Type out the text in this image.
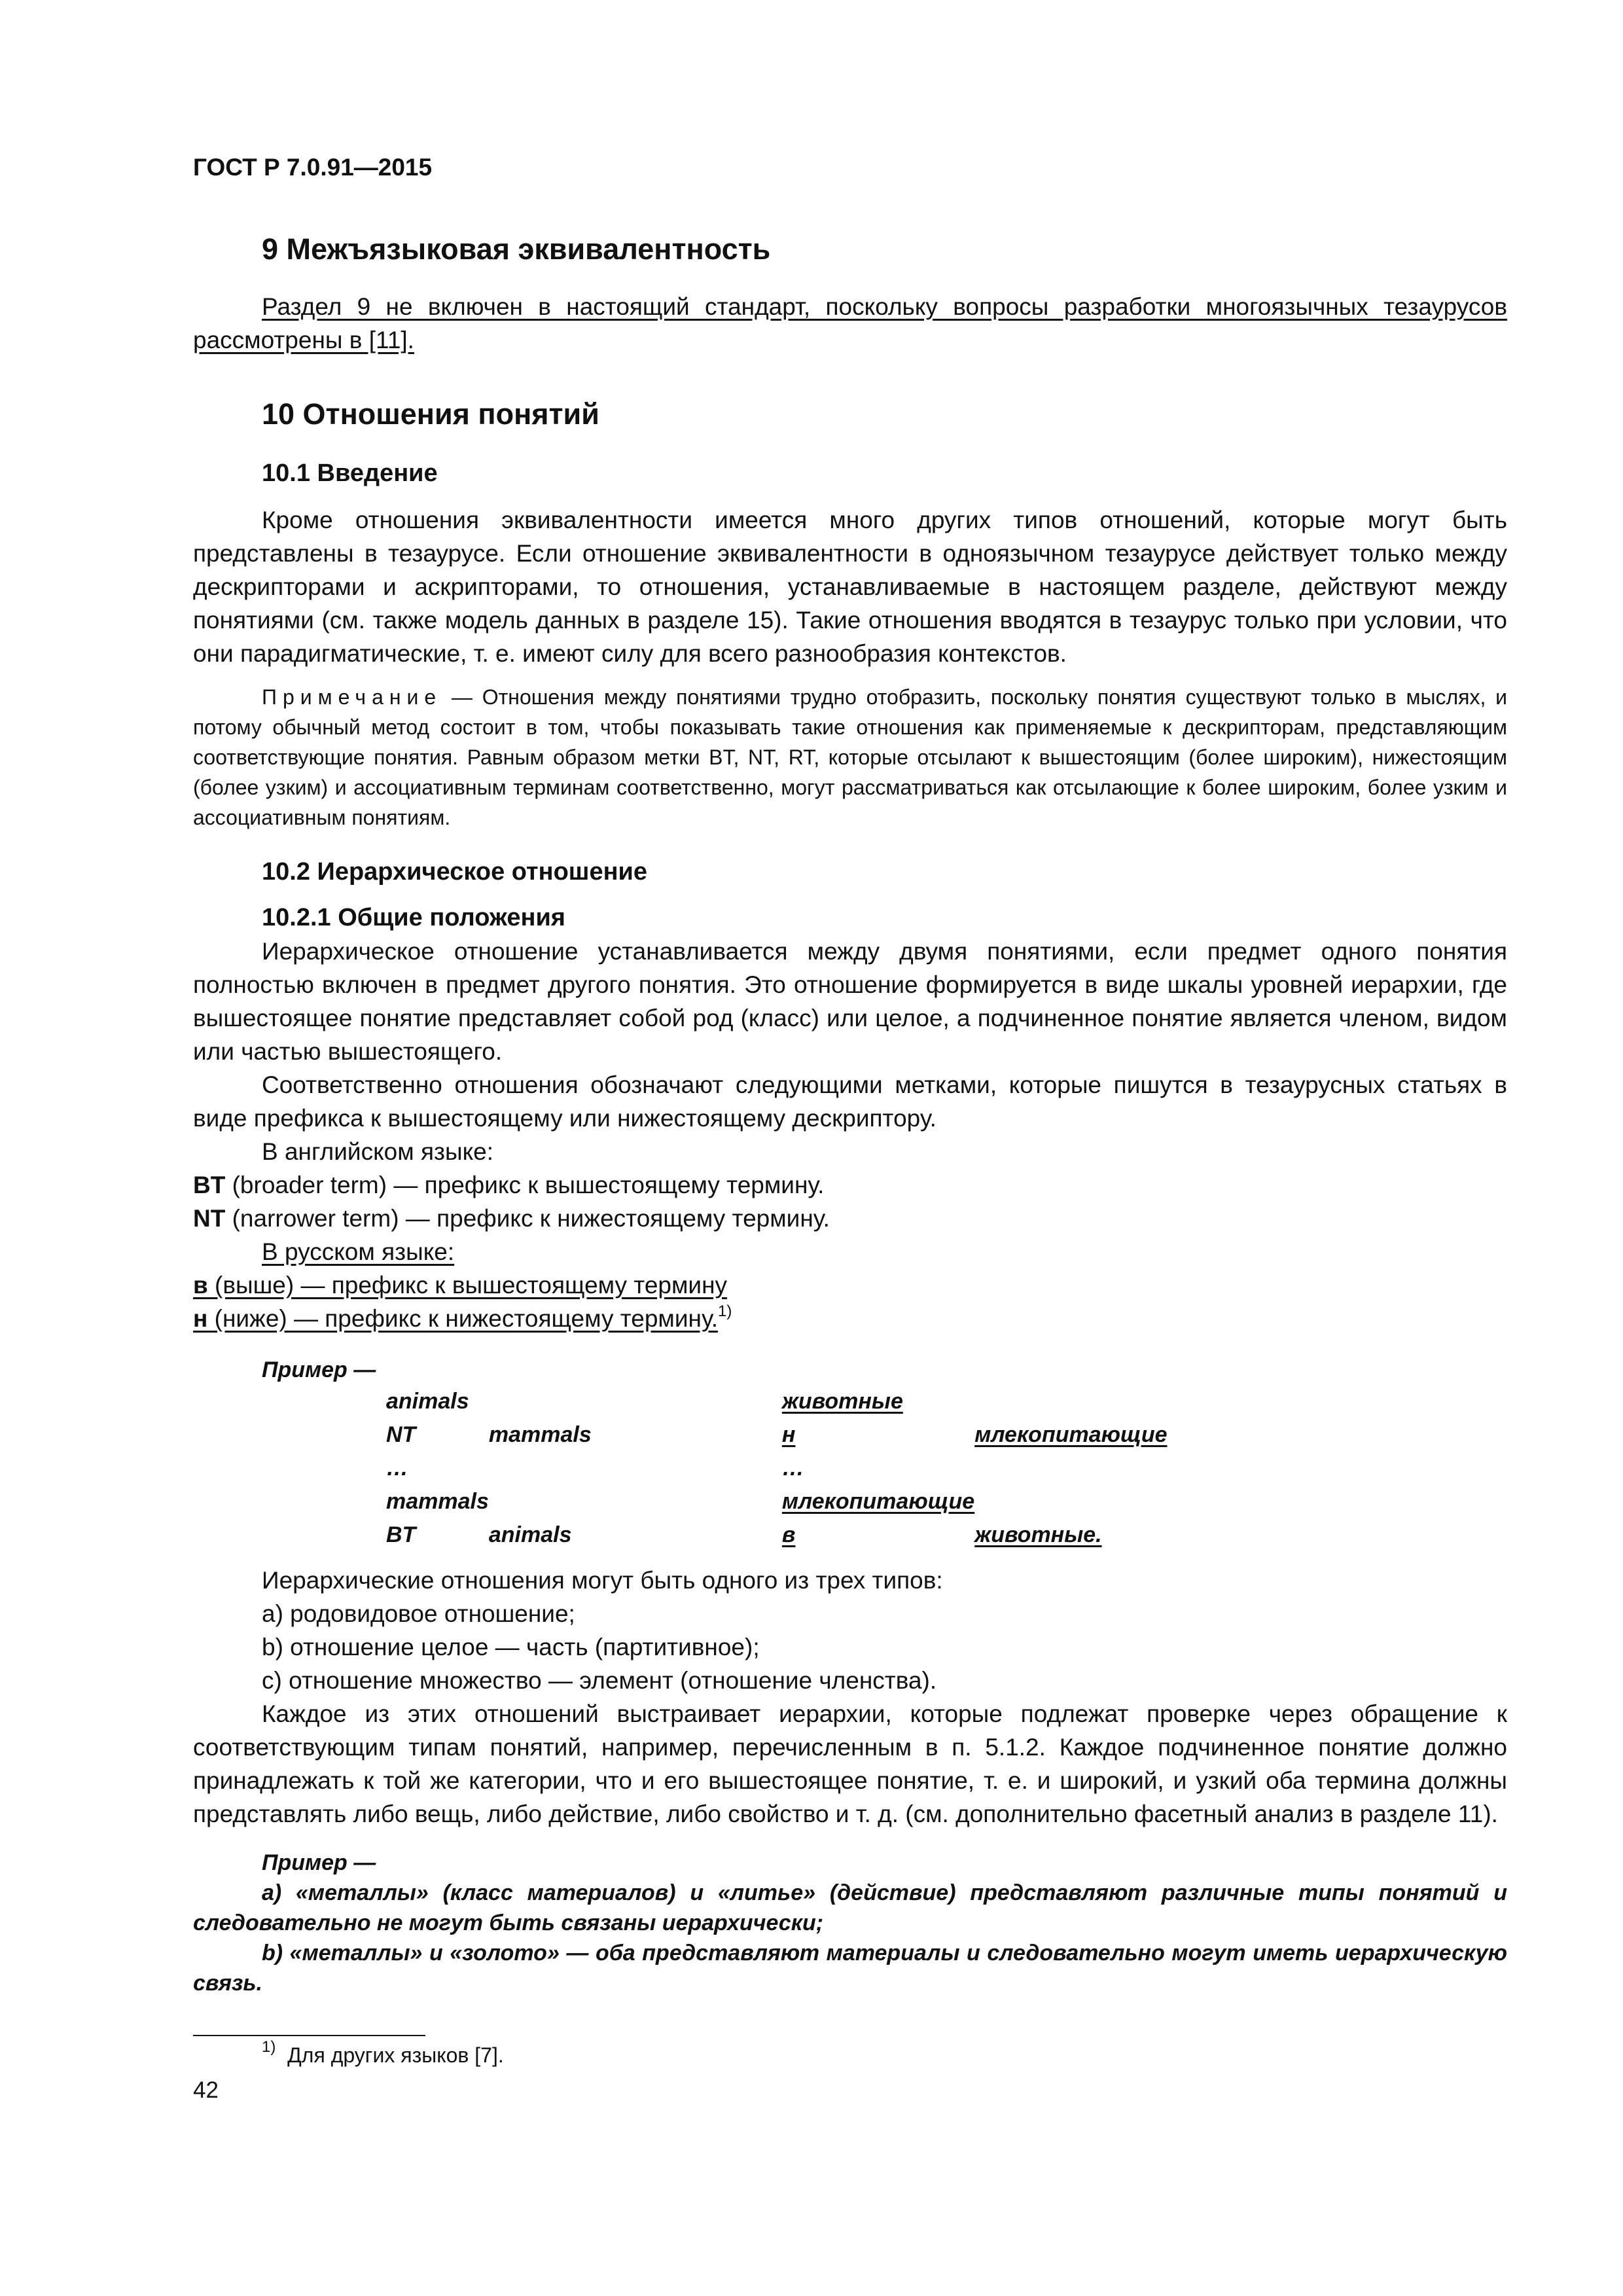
ГОСТ Р 7.0.91—2015

9 Межъязыковая эквивалентность

Раздел 9 не включен в настоящий стандарт, поскольку вопросы разработки многоязычных тезаурусов рассмотрены в [11].

10 Отношения понятий

10.1 Введение

Кроме отношения эквивалентности имеется много других типов отношений, которые могут быть представлены в тезаурусе. Если отношение эквивалентности в одноязычном тезаурусе действует только между дескрипторами и аскрипторами, то отношения, устанавливаемые в настоящем разделе, действуют между понятиями (см. также модель данных в разделе 15). Такие отношения вводятся в тезаурус только при условии, что они парадигматические, т. е. имеют силу для всего разнообразия контекстов.

Примечание — Отношения между понятиями трудно отобразить, поскольку понятия существуют только в мыслях, и потому обычный метод состоит в том, чтобы показывать такие отношения как применяемые к дескрипторам, представляющим соответствующие понятия. Равным образом метки BT, NT, RT, которые отсылают к вышестоящим (более широким), нижестоящим (более узким) и ассоциативным терминам соответственно, могут рассматриваться как отсылающие к более широким, более узким и ассоциативным понятиям.

10.2 Иерархическое отношение

10.2.1 Общие положения

Иерархическое отношение устанавливается между двумя понятиями, если предмет одного понятия полностью включен в предмет другого понятия. Это отношение формируется в виде шкалы уровней иерархии, где вышестоящее понятие представляет собой род (класс) или целое, а подчиненное понятие является членом, видом или частью вышестоящего.

Соответственно отношения обозначают следующими метками, которые пишутся в тезаурусных статьях в виде префикса к вышестоящему или нижестоящему дескриптору.

В английском языке:

BT (broader term) — префикс к вышестоящему термину.

NT (narrower term) — префикс к нижестоящему термину.

В русском языке:

в (выше) — префикс к вышестоящему термину

н (ниже) — префикс к нижестоящему термину.$^{1)}$

Пример —

animals		животные	
NT	mammals	н	млекопитающие
…		…	
mammals		млекопитающие	
BT	animals	в	животные.

Иерархические отношения могут быть одного из трех типов:

а) родовидовое отношение;

b) отношение целое — часть (партитивное);

с) отношение множество — элемент (отношение членства).

Каждое из этих отношений выстраивает иерархии, которые подлежат проверке через обращение к соответствующим типам понятий, например, перечисленным в п. 5.1.2. Каждое подчиненное понятие должно принадлежать к той же категории, что и его вышестоящее понятие, т. е. и широкий, и узкий оба термина должны представлять либо вещь, либо действие, либо свойство и т. д. (см. дополнительно фасетный анализ в разделе 11).

Пример —

а) «металлы» (класс материалов) и «литье» (действие) представляют различные типы понятий и следовательно не могут быть связаны иерархически;

b) «металлы» и «золото» — оба представляют материалы и следовательно могут иметь иерархическую связь.

$^{1)}$ Для других языков [7].

42
